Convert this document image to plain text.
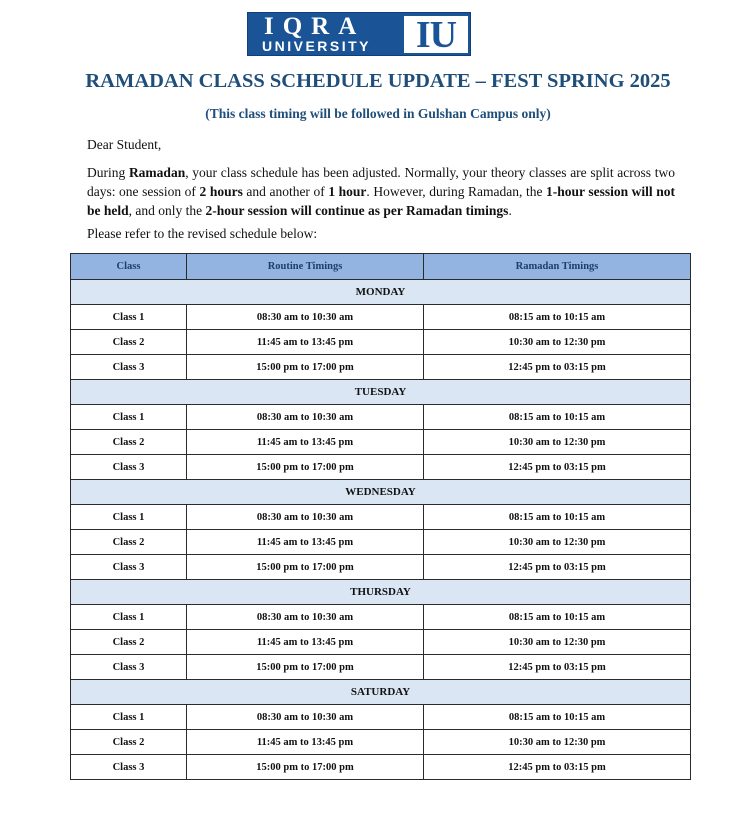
IQRA
UNIVERSITY	IU
RAMADAN CLASS SCHEDULE UPDATE – FEST SPRING 2025

(This class timing will be followed in Gulshan Campus only)

Dear Student,

During Ramadan, your class schedule has been adjusted. Normally, your theory classes are split across two days: one session of 2 hours and another of 1 hour. However, during Ramadan, the 1-hour session will not be held, and only the 2-hour session will continue as per Ramadan timings.

Please refer to the revised schedule below:

Class	Routine Timings	Ramadan Timings
MONDAY		
Class 1	08:30 am to 10:30 am	08:15 am to 10:15 am
Class 2	11:45 am to 13:45 pm	10:30 am to 12:30 pm
Class 3	15:00 pm to 17:00 pm	12:45 pm to 03:15 pm
TUESDAY		
Class 1	08:30 am to 10:30 am	08:15 am to 10:15 am
Class 2	11:45 am to 13:45 pm	10:30 am to 12:30 pm
Class 3	15:00 pm to 17:00 pm	12:45 pm to 03:15 pm
WEDNESDAY		
Class 1	08:30 am to 10:30 am	08:15 am to 10:15 am
Class 2	11:45 am to 13:45 pm	10:30 am to 12:30 pm
Class 3	15:00 pm to 17:00 pm	12:45 pm to 03:15 pm
THURSDAY		
Class 1	08:30 am to 10:30 am	08:15 am to 10:15 am
Class 2	11:45 am to 13:45 pm	10:30 am to 12:30 pm
Class 3	15:00 pm to 17:00 pm	12:45 pm to 03:15 pm
SATURDAY		
Class 1	08:30 am to 10:30 am	08:15 am to 10:15 am
Class 2	11:45 am to 13:45 pm	10:30 am to 12:30 pm
Class 3	15:00 pm to 17:00 pm	12:45 pm to 03:15 pm
